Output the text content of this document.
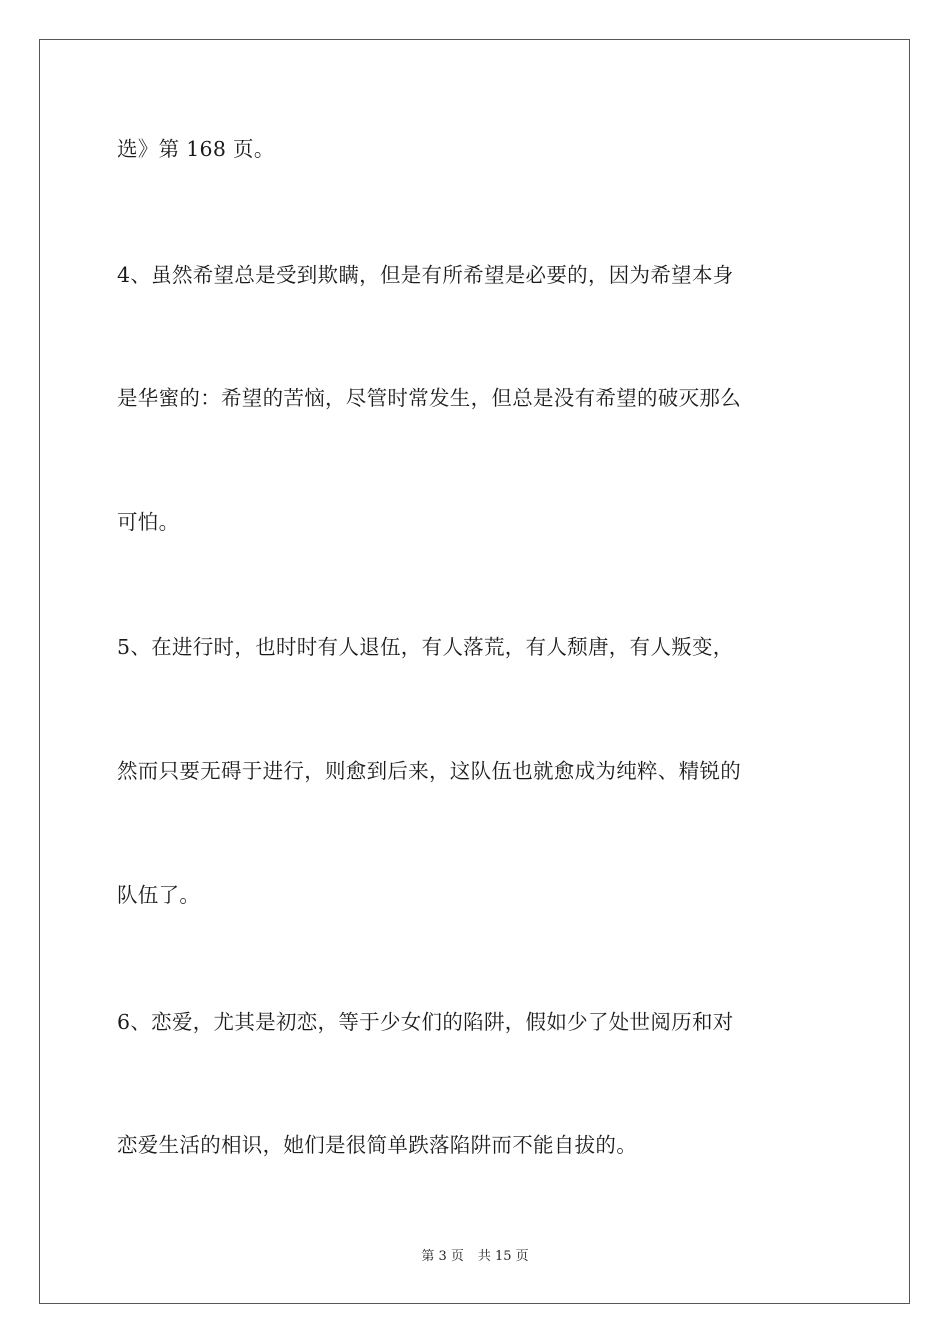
选》第 168 页。
4、虽然希望总是受到欺瞒，但是有所希望是必要的，因为希望本身
是华蜜的：希望的苦恼，尽管时常发生，但总是没有希望的破灭那么
可怕。
5、在进行时，也时时有人退伍，有人落荒，有人颓唐，有人叛变，
然而只要无碍于进行，则愈到后来，这队伍也就愈成为纯粹、精锐的
队伍了。
6、恋爱，尤其是初恋，等于少女们的陷阱，假如少了处世阅历和对
恋爱生活的相识，她们是很简单跌落陷阱而不能自拔的。
第 3 页 共 15 页
